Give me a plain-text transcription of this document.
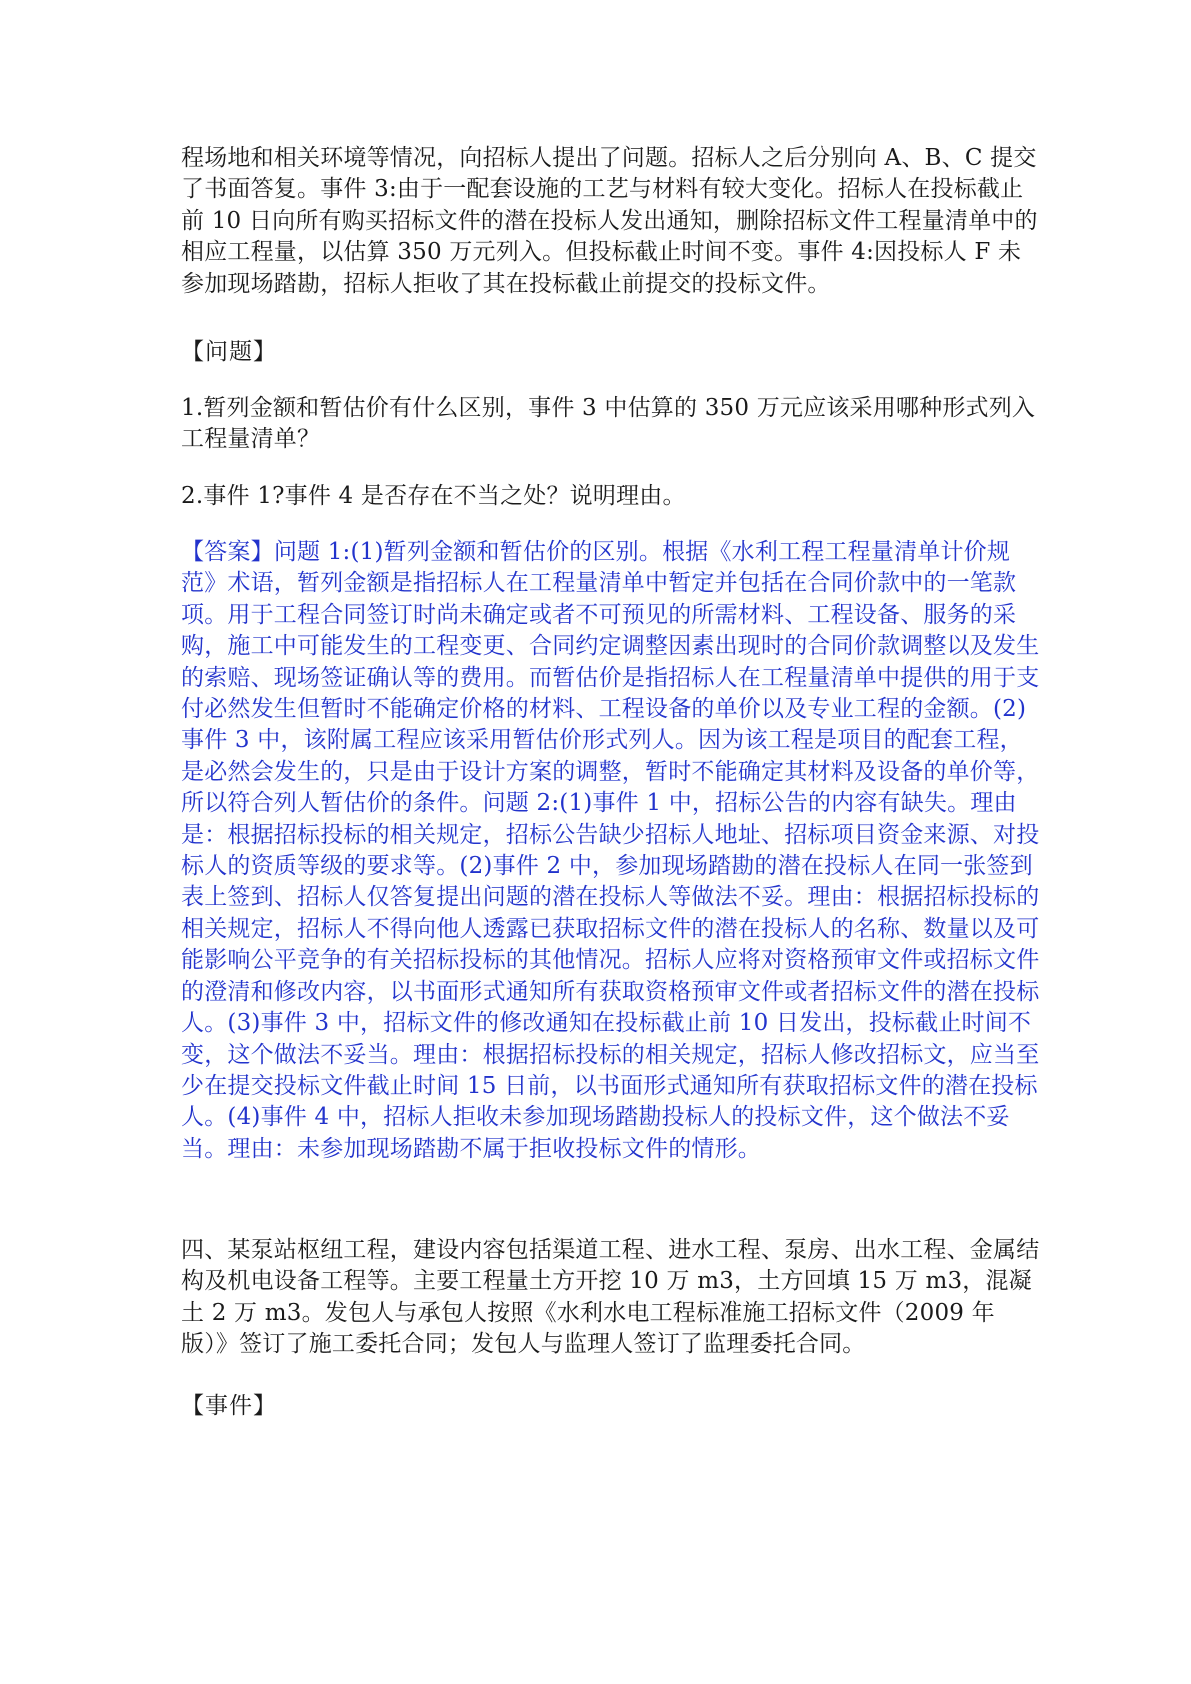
程场地和相关环境等情况，向招标人提出了问题。招标人之后分别向 A、B、C 提交了书面答复。事件 3:由于一配套设施的工艺与材料有较大变化。招标人在投标截止前 10 日向所有购买招标文件的潜在投标人发出通知，删除招标文件工程量清单中的相应工程量，以估算 350 万元列入。但投标截止时间不变。事件 4:因投标人 F 未参加现场踏勘，招标人拒收了其在投标截止前提交的投标文件。

【问题】

1.暂列金额和暂估价有什么区别，事件 3 中估算的 350 万元应该采用哪种形式列入工程量清单？

2.事件 1?事件 4 是否存在不当之处？说明理由。

【答案】问题 1:(1)暂列金额和暂估价的区别。根据《水利工程工程量清单计价规范》术语，暂列金额是指招标人在工程量清单中暂定并包括在合同价款中的一笔款项。用于工程合同签订时尚未确定或者不可预见的所需材料、工程设备、服务的采购，施工中可能发生的工程变更、合同约定调整因素出现时的合同价款调整以及发生的索赔、现场签证确认等的费用。而暂估价是指招标人在工程量清单中提供的用于支付必然发生但暂时不能确定价格的材料、工程设备的单价以及专业工程的金额。(2)事件 3 中，该附属工程应该采用暂估价形式列人。因为该工程是项目的配套工程，是必然会发生的，只是由于设计方案的调整，暂时不能确定其材料及设备的单价等，所以符合列人暂估价的条件。问题 2:(1)事件 1 中，招标公告的内容有缺失。理由是：根据招标投标的相关规定，招标公告缺少招标人地址、招标项目资金来源、对投标人的资质等级的要求等。(2)事件 2 中，参加现场踏勘的潜在投标人在同一张签到表上签到、招标人仅答复提出问题的潜在投标人等做法不妥。理由：根据招标投标的相关规定，招标人不得向他人透露已获取招标文件的潜在投标人的名称、数量以及可能影响公平竞争的有关招标投标的其他情况。招标人应将对资格预审文件或招标文件的澄清和修改内容，以书面形式通知所有获取资格预审文件或者招标文件的潜在投标人。(3)事件 3 中，招标文件的修改通知在投标截止前 10 日发出，投标截止时间不变，这个做法不妥当。理由：根据招标投标的相关规定，招标人修改招标文，应当至少在提交投标文件截止时间 15 日前，以书面形式通知所有获取招标文件的潜在投标人。(4)事件 4 中，招标人拒收未参加现场踏勘投标人的投标文件，这个做法不妥当。理由：未参加现场踏勘不属于拒收投标文件的情形。

四、某泵站枢纽工程，建设内容包括渠道工程、进水工程、泵房、出水工程、金属结构及机电设备工程等。主要工程量土方开挖 10 万 m3，土方回填 15 万 m3，混凝土 2 万 m3。发包人与承包人按照《水利水电工程标准施工招标文件（2009 年版）》签订了施工委托合同；发包人与监理人签订了监理委托合同。

【事件】
